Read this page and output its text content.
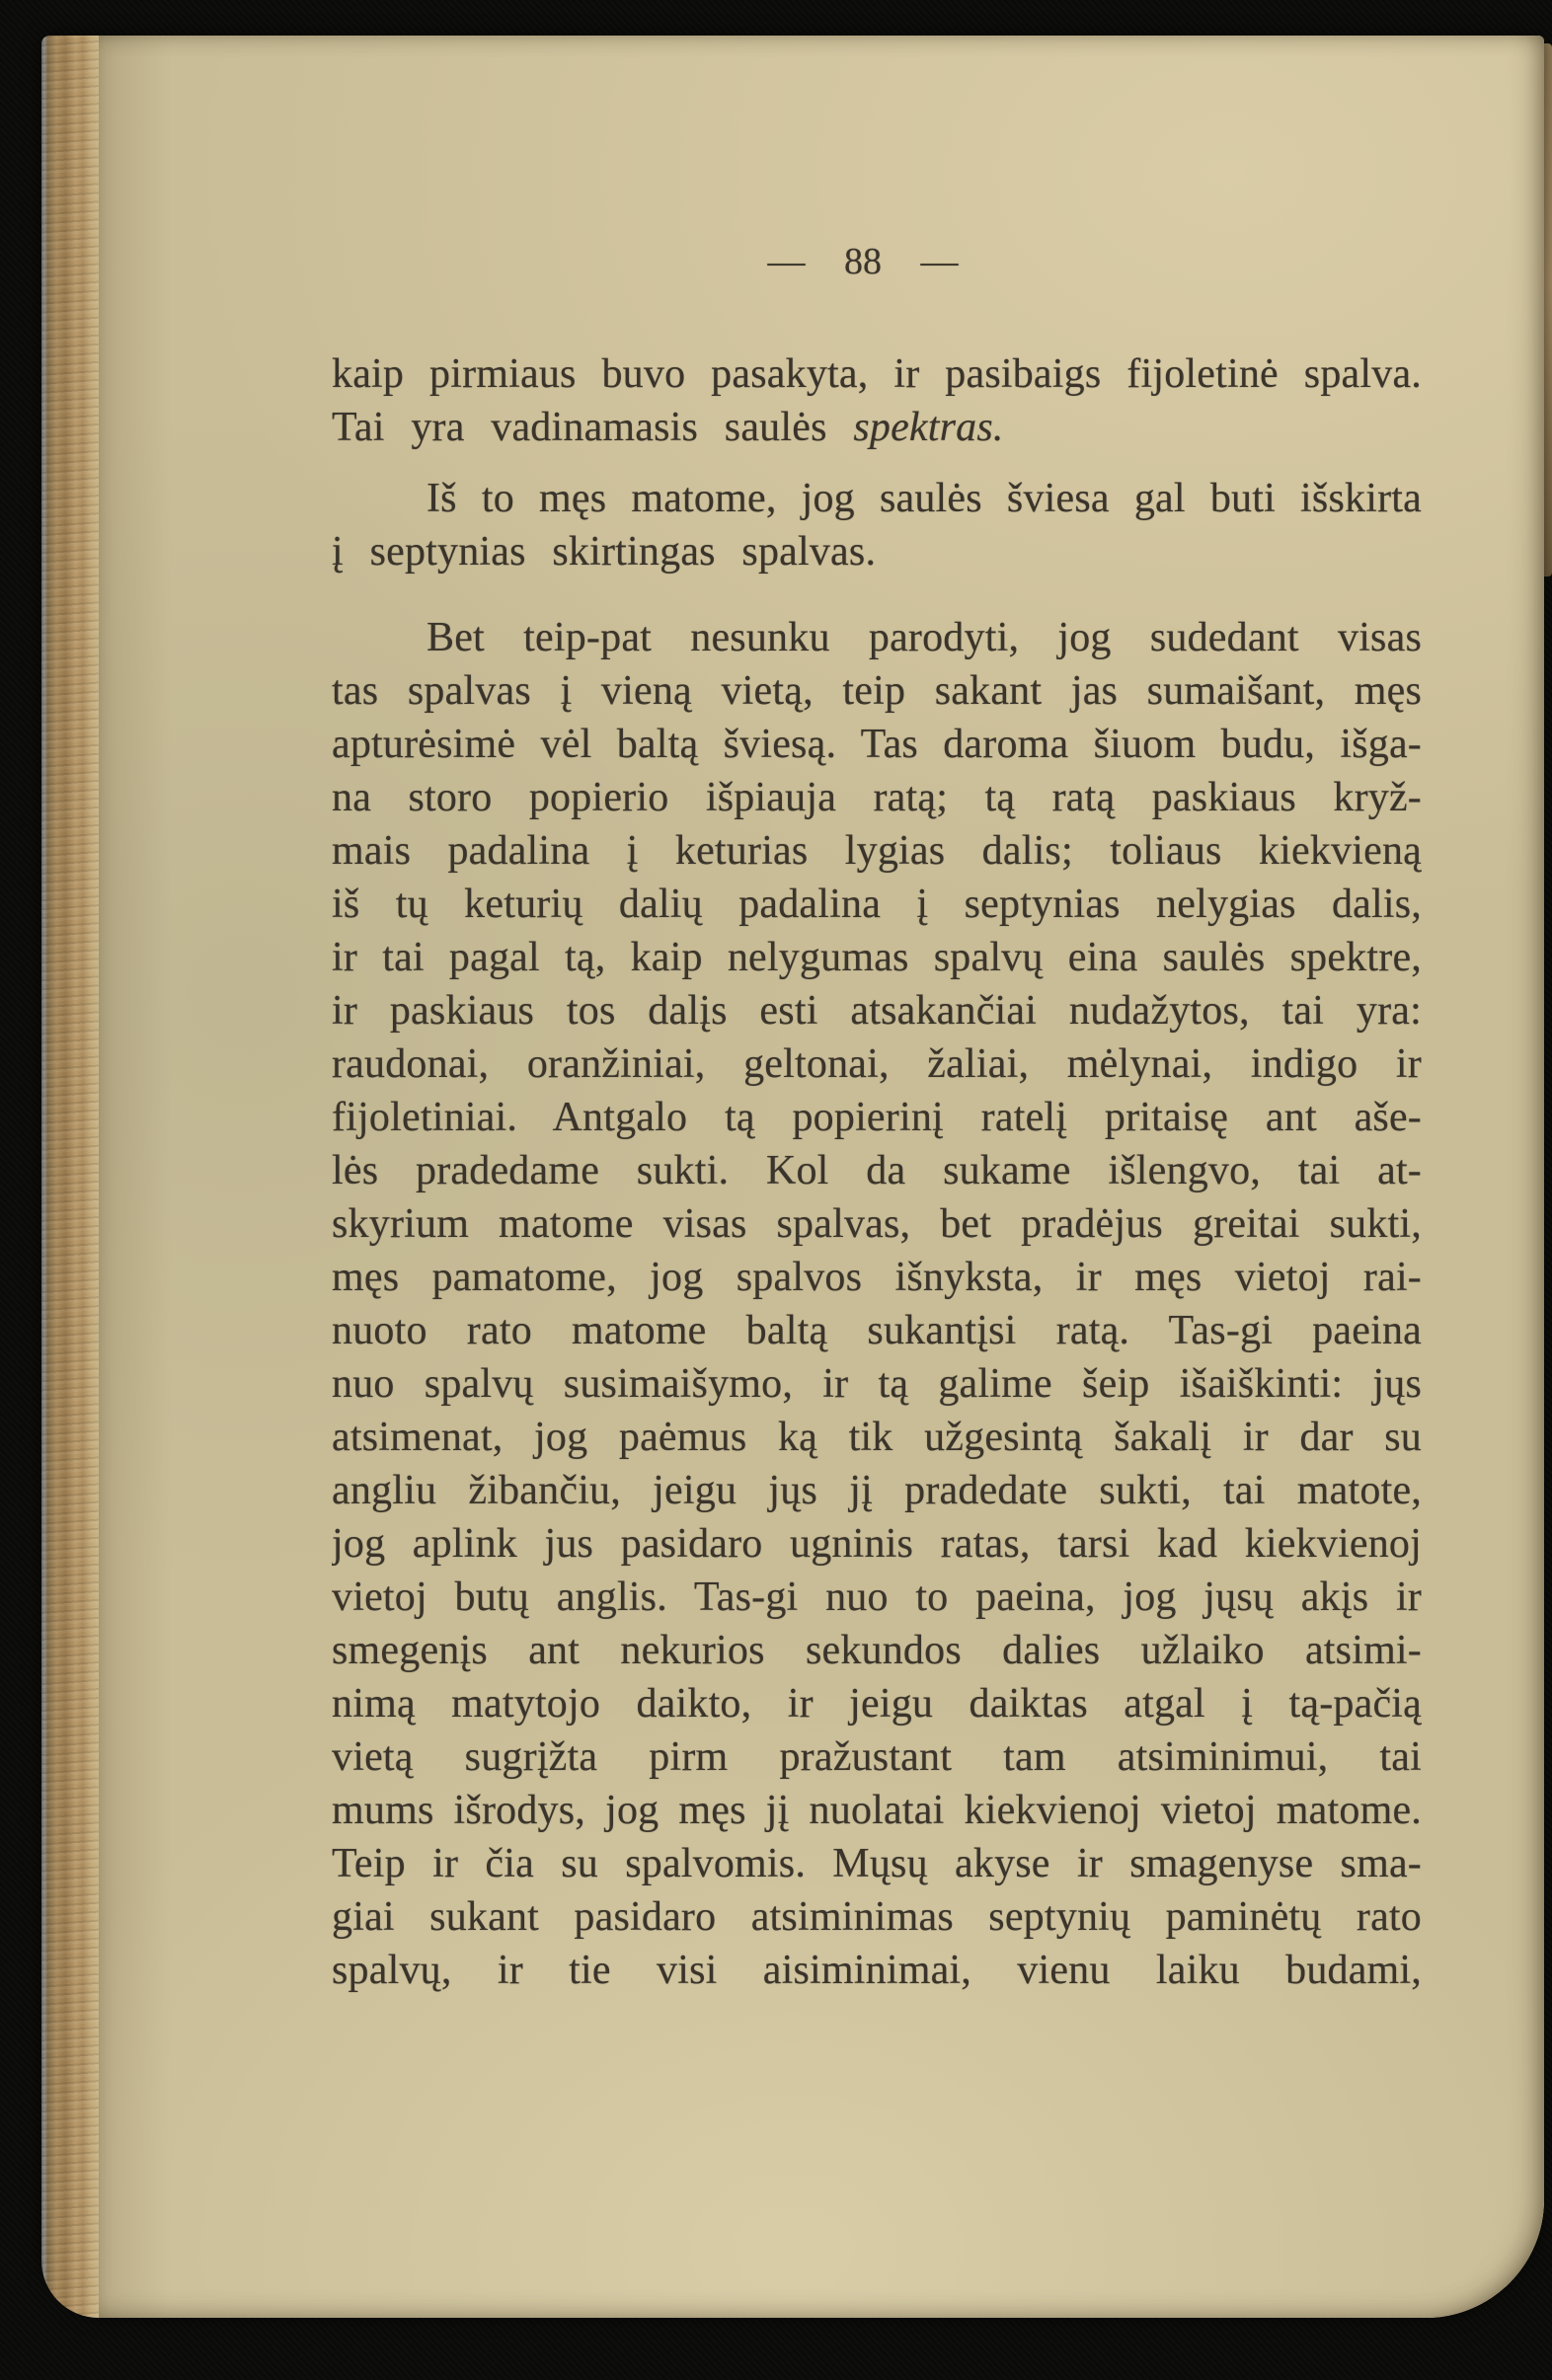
— 88 —
kaip pirmiaus buvo pasakyta, ir pasibaigs fijoletinė spalva.
Tai yra vadinamasis saulės spektras.
Iš to męs matome, jog saulės šviesa gal buti išskirta
į septynias skirtingas spalvas.
Bet teip-pat nesunku parodyti, jog sudedant visas
tas spalvas į vieną vietą, teip sakant jas sumaišant, męs
apturėsimė vėl baltą šviesą. Tas daroma šiuom budu, išga-
na storo popierio išpiauja ratą; tą ratą paskiaus kryž-
mais padalina į keturias lygias dalis; toliaus kiekvieną
iš tų keturių dalių padalina į septynias nelygias dalis,
ir tai pagal tą, kaip nelygumas spalvų eina saulės spektre,
ir paskiaus tos dalįs esti atsakančiai nudažytos, tai yra:
raudonai, oranžiniai, geltonai, žaliai, mėlynai, indigo ir
fijoletiniai. Antgalo tą popierinį ratelį pritaisę ant aše-
lės pradedame sukti. Kol da sukame išlengvo, tai at-
skyrium matome visas spalvas, bet pradėjus greitai sukti,
męs pamatome, jog spalvos išnyksta, ir męs vietoj rai-
nuoto rato matome baltą sukantįsi ratą. Tas-gi paeina
nuo spalvų susimaišymo, ir tą galime šeip išaiškinti: jųs
atsimenat, jog paėmus ką tik užgesintą šakalį ir dar su
angliu žibančiu, jeigu jųs jį pradedate sukti, tai matote,
jog aplink jus pasidaro ugninis ratas, tarsi kad kiekvienoj
vietoj butų anglis. Tas-gi nuo to paeina, jog jųsų akįs ir
smegenįs ant nekurios sekundos dalies užlaiko atsimi-
nimą matytojo daikto, ir jeigu daiktas atgal į tą-pačią
vietą sugrįžta pirm pražustant tam atsiminimui, tai
mums išrodys, jog męs jį nuolatai kiekvienoj vietoj matome.
Teip ir čia su spalvomis. Mųsų akyse ir smagenyse sma-
giai sukant pasidaro atsiminimas septynių paminėtų rato
spalvų, ir tie visi aisiminimai, vienu laiku budami,
